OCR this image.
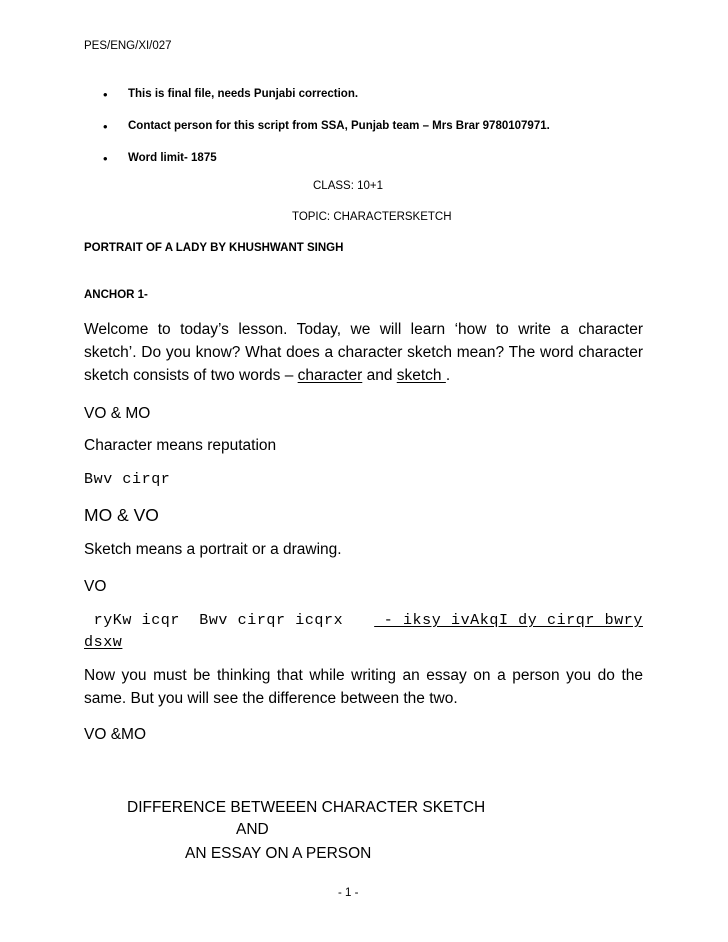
PES/ENG/XI/027
• This is final file, needs Punjabi correction.
• Contact person for this script from SSA, Punjab team – Mrs Brar 9780107971.
• Word limit- 1875
CLASS: 10+1
TOPIC: CHARACTERSKETCH
PORTRAIT OF A LADY BY KHUSHWANT SINGH
ANCHOR 1-
Welcome to today’s lesson. Today, we will learn ‘how to write a character
sketch’. Do you know? What does a character sketch mean? The word character
sketch consists of two words – character and sketch .
VO & MO
Character means reputation
Bwv cirqr
MO & VO
Sketch means a portrait or a drawing.
VO
ryKw icqr  Bwv cirqr icqrx - iksy ivAkqI dy cirqr bwry
dsxw
Now you must be thinking that while writing an essay on a person you do the
same. But you will see the difference between the two.
VO &MO
DIFFERENCE BETWEEEN CHARACTER SKETCH
AND
AN ESSAY ON A PERSON
- 1 -
